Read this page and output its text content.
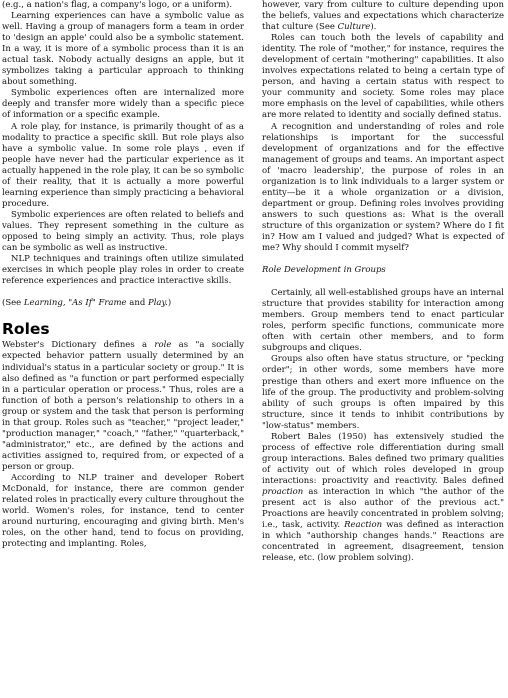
(e.g., a nation's flag, a company's logo, or a uniform).

Learning experiences can have a symbolic value as well. Having a group of managers form a team in order to 'design an apple' could also be a symbolic statement. In a way, it is more of a symbolic process than it is an actual task. Nobody actually designs an apple, but it symbolizes taking a particular approach to thinking about something.

Symbolic experiences often are internalized more deeply and transfer more widely than a specific piece of information or a specific example.

A role play, for instance, is primarily thought of as a modality to practice a specific skill. But role plays also have a symbolic value. In some role plays , even if people have never had the particular experience as it actually happened in the role play, it can be so symbolic of their reality, that it is actually a more powerful learning experience than simply practicing a behavioral procedure.

Symbolic experiences are often related to beliefs and values. They represent something in the culture as opposed to being simply an activity. Thus, role plays can be symbolic as well as instructive.

NLP techniques and trainings often utilize simulated exercises in which people play roles in order to create reference experiences and practice interactive skills.

(See Learning, "As If" Frame and Play.)

Roles

Webster's Dictionary defines a role as "a socially expected behavior pattern usually determined by an individual's status in a particular society or group." It is also defined as "a function or part performed especially in a particular operation or process." Thus, roles are a function of both a person's relationship to others in a group or system and the task that person is performing in that group. Roles such as "teacher," "project leader," "production manager," "coach," "father," "quarterback," "administrator," etc., are defined by the actions and activities assigned to, required from, or expected of a person or group.

According to NLP trainer and developer Robert McDonald, for instance, there are common gender related roles in practically every culture throughout the world. Women's roles, for instance, tend to center around nurturing, encouraging and giving birth. Men's roles, on the other hand, tend to focus on providing, protecting and implanting. Roles,

however, vary from culture to culture depending upon the beliefs, values and expectations which characterize that culture (See Culture).

Roles can touch both the levels of capability and identity. The role of "mother," for instance, requires the development of certain "mothering" capabilities. It also involves expectations related to being a certain type of person, and having a certain status with respect to your community and society. Some roles may place more emphasis on the level of capabilities, while others are more related to identity and socially defined status.

A recognition and understanding of roles and role relationships is important for the successful development of organizations and for the effective management of groups and teams. An important aspect of 'macro leadership', the purpose of roles in an organization is to link individuals to a larger system or entity—be it a whole organization or a division, department or group. Defining roles involves providing answers to such questions as: What is the overall structure of this organization or system? Where do I fit in? How am I valued and judged? What is expected of me? Why should I commit myself?

Role Development in Groups

Certainly, all well-established groups have an internal structure that provides stability for interaction among members. Group members tend to enact particular roles, perform specific functions, communicate more often with certain other members, and to form subgroups and cliques.

Groups also often have status structure, or "pecking order"; in other words, some members have more prestige than others and exert more influence on the life of the group. The productivity and problem-solving ability of such groups is often impaired by this structure, since it tends to inhibit contributions by "low-status" members.

Robert Bales (1950) has extensively studied the process of effective role differentiation during small group interactions. Bales defined two primary qualities of activity out of which roles developed in group interactions: proactivity and reactivity. Bales defined proaction as interaction in which "the author of the present act is also author of the previous act." Proactions are heavily concentrated in problem solving; i.e., task, activity. Reaction was defined as interaction in which "authorship changes hands." Reactions are concentrated in agreement, disagreement, tension release, etc. (low problem solving).
